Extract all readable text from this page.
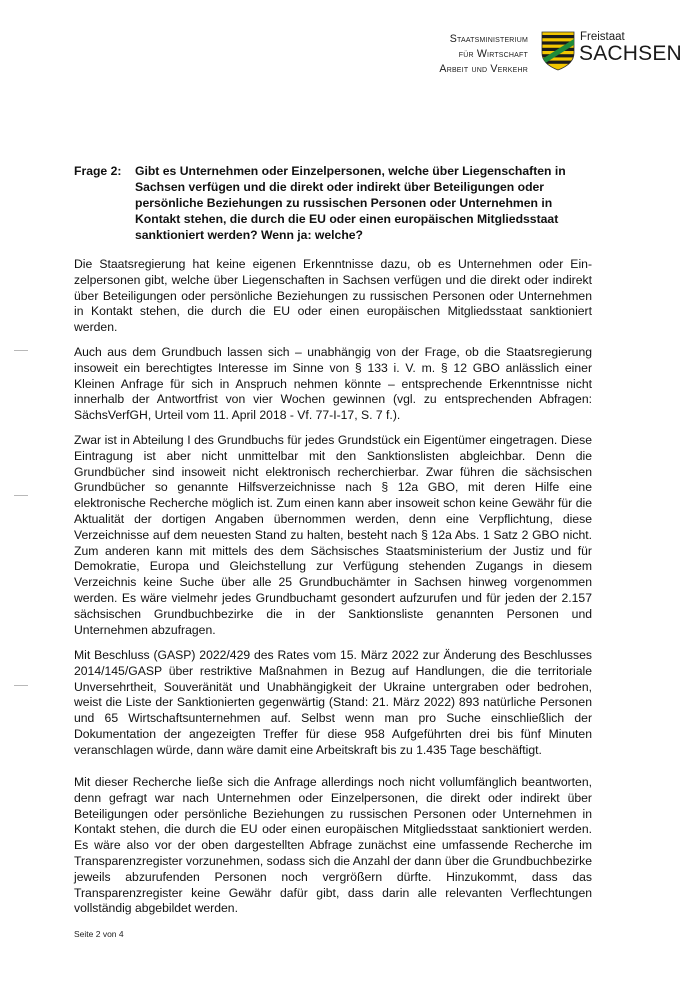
Staatsministerium
für Wirtschaft
Arbeit und Verkehr
Freistaat
SACHSEN
Frage 2: Gibt es Unternehmen oder Einzelpersonen, welche über Liegenschaften in Sachsen verfügen und die direkt oder indirekt über Beteiligungen oder persönliche Beziehungen zu russischen Personen oder Unternehmen in Kontakt stehen, die durch die EU oder einen europäischen Mitgliedsstaat sanktioniert werden? Wenn ja: welche?
Die Staatsregierung hat keine eigenen Erkenntnisse dazu, ob es Unternehmen oder Einzelpersonen gibt, welche über Liegenschaften in Sachsen verfügen und die direkt oder indirekt über Beteiligungen oder persönliche Beziehungen zu russischen Personen oder Unternehmen in Kontakt stehen, die durch die EU oder einen europäischen Mitgliedsstaat sanktioniert werden.
Auch aus dem Grundbuch lassen sich – unabhängig von der Frage, ob die Staatsregierung insoweit ein berechtigtes Interesse im Sinne von § 133 i. V. m. § 12 GBO anlässlich einer Kleinen Anfrage für sich in Anspruch nehmen könnte – entsprechende Erkenntnisse nicht innerhalb der Antwortfrist von vier Wochen gewinnen (vgl. zu entsprechenden Abfragen: SächsVerfGH, Urteil vom 11. April 2018 - Vf. 77-I-17, S. 7 f.).
Zwar ist in Abteilung I des Grundbuchs für jedes Grundstück ein Eigentümer eingetragen. Diese Eintragung ist aber nicht unmittelbar mit den Sanktionslisten abgleichbar. Denn die Grundbücher sind insoweit nicht elektronisch recherchierbar. Zwar führen die sächsischen Grundbücher so genannte Hilfsverzeichnisse nach § 12a GBO, mit deren Hilfe eine elektronische Recherche möglich ist. Zum einen kann aber insoweit schon keine Gewähr für die Aktualität der dortigen Angaben übernommen werden, denn eine Verpflichtung, diese Verzeichnisse auf dem neuesten Stand zu halten, besteht nach § 12a Abs. 1 Satz 2 GBO nicht. Zum anderen kann mit mittels des dem Sächsisches Staatsministerium der Justiz und für Demokratie, Europa und Gleichstellung zur Verfügung stehenden Zugangs in diesem Verzeichnis keine Suche über alle 25 Grundbuchämter in Sachsen hinweg vorgenommen werden. Es wäre vielmehr jedes Grundbuchamt gesondert aufzurufen und für jeden der 2.157 sächsischen Grundbuchbezirke die in der Sanktionsliste genannten Personen und Unternehmen abzufragen.
Mit Beschluss (GASP) 2022/429 des Rates vom 15. März 2022 zur Änderung des Beschlusses 2014/145/GASP über restriktive Maßnahmen in Bezug auf Handlungen, die die territoriale Unversehrtheit, Souveränität und Unabhängigkeit der Ukraine untergraben oder bedrohen, weist die Liste der Sanktionierten gegenwärtig (Stand: 21. März 2022) 893 natürliche Personen und 65 Wirtschaftsunternehmen auf. Selbst wenn man pro Suche einschließlich der Dokumentation der angezeigten Treffer für diese 958 Aufgeführten drei bis fünf Minuten veranschlagen würde, dann wäre damit eine Arbeitskraft bis zu 1.435 Tage beschäftigt.
Mit dieser Recherche ließe sich die Anfrage allerdings noch nicht vollumfänglich beantworten, denn gefragt war nach Unternehmen oder Einzelpersonen, die direkt oder indirekt über Beteiligungen oder persönliche Beziehungen zu russischen Personen oder Unternehmen in Kontakt stehen, die durch die EU oder einen europäischen Mitgliedsstaat sanktioniert werden. Es wäre also vor der oben dargestellten Abfrage zunächst eine umfassende Recherche im Transparenzregister vorzunehmen, sodass sich die Anzahl der dann über die Grundbuchbezirke jeweils abzurufenden Personen noch vergrößern dürfte. Hinzukommt, dass das Transparenzregister keine Gewähr dafür gibt, dass darin alle relevanten Verflechtungen vollständig abgebildet werden.
Seite 2 von 4
